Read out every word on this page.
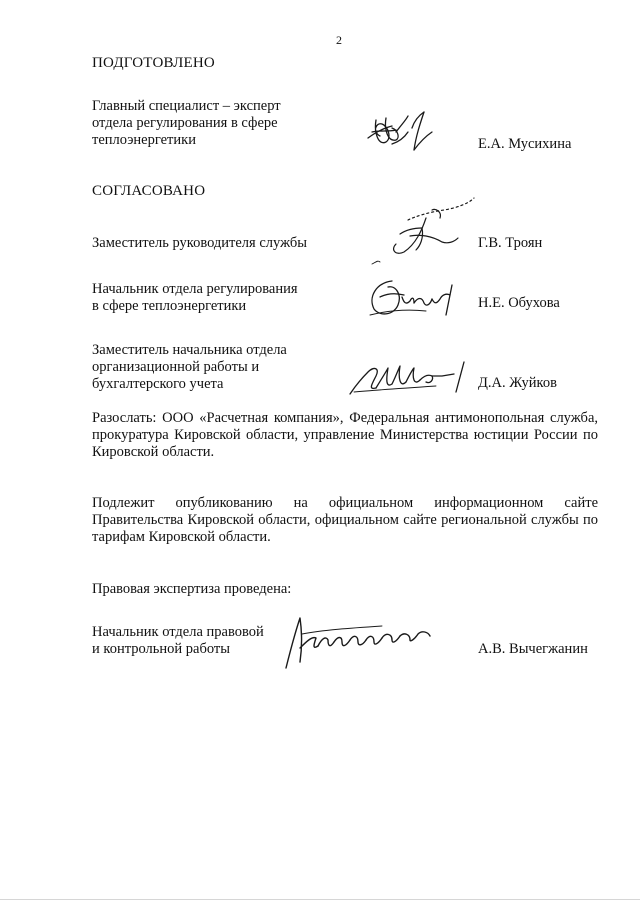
2
ПОДГОТОВЛЕНО
Главный специалист – эксперт
отдела регулирования в сфере
теплоэнергетики	Е.А. Мусихина
СОГЛАСОВАНО
Заместитель руководителя службы	Г.В. Троян
Начальник отдела регулирования
в сфере теплоэнергетики	Н.Е. Обухова
Заместитель начальника отдела
организационной работы и
бухгалтерского учета	Д.А. Жуйков
Разослать: ООО «Расчетная компания», Федеральная антимонопольная служба, прокуратура Кировской области, управление Министерства юстиции России по Кировской области.
Подлежит опубликованию на официальном информационном сайте Правительства Кировской области, официальном сайте региональной службы по тарифам Кировской области.
Правовая экспертиза проведена:
Начальник отдела правовой
и контрольной работы	А.В. Вычегжанин
